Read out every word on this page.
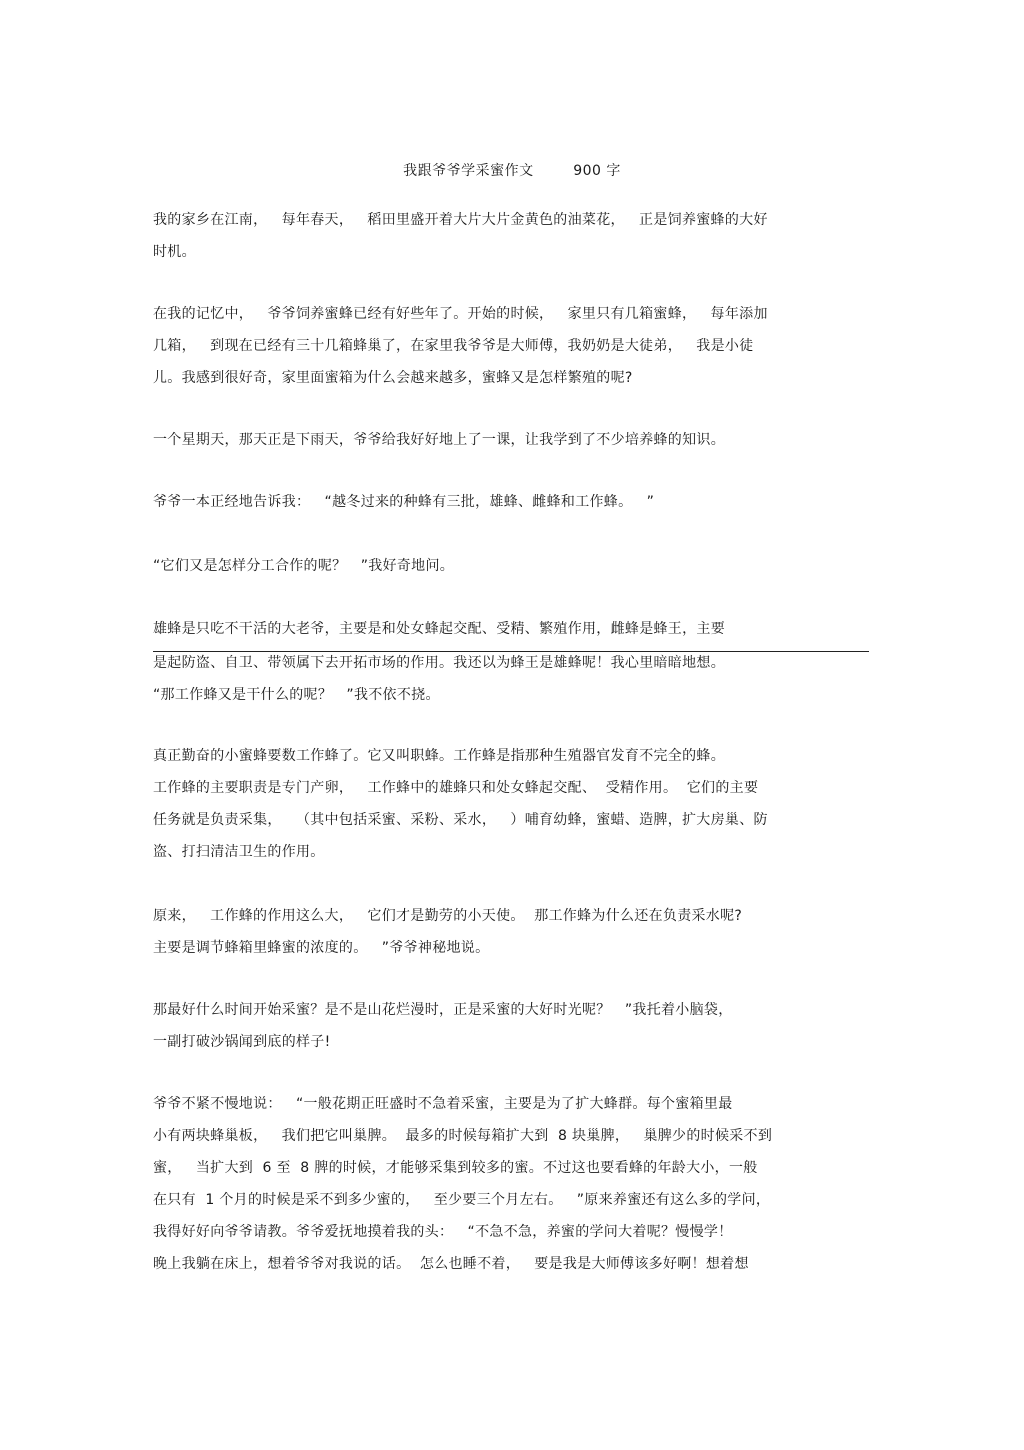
我跟爷爷学采蜜作文        900 字
我的家乡在江南，   每年春天，   稻田里盛开着大片大片金黄色的油菜花，   正是饲养蜜蜂的大好
时机。
在我的记忆中，   爷爷饲养蜜蜂已经有好些年了。开始的时候，   家里只有几箱蜜蜂，   每年添加
几箱，   到现在已经有三十几箱蜂巢了，在家里我爷爷是大师傅，我奶奶是大徒弟，   我是小徒
儿。我感到很好奇，家里面蜜箱为什么会越来越多，蜜蜂又是怎样繁殖的呢?
一个星期天，那天正是下雨天，爷爷给我好好地上了一课，让我学到了不少培养蜂的知识。
爷爷一本正经地告诉我：   “越冬过来的种蜂有三批，雄蜂、雌蜂和工作蜂。   ”
“它们又是怎样分工合作的呢？   ”我好奇地问。
雄蜂是只吃不干活的大老爷，主要是和处女蜂起交配、受精、繁殖作用，雌蜂是蜂王，主要
是起防盗、自卫、带领属下去开拓市场的作用。我还以为蜂王是雄蜂呢！我心里暗暗地想。
“那工作蜂又是干什么的呢？   ”我不依不挠。
真正勤奋的小蜜蜂要数工作蜂了。它又叫职蜂。工作蜂是指那种生殖器官发育不完全的蜂。
工作蜂的主要职责是专门产卵，   工作蜂中的雄蜂只和处女蜂起交配、  受精作用。  它们的主要
任务就是负责采集，   （其中包括采蜜、采粉、采水，   ）哺育幼蜂，蜜蜡、造脾，扩大房巢、防
盗、打扫清洁卫生的作用。
原来，   工作蜂的作用这么大，   它们才是勤劳的小天使。  那工作蜂为什么还在负责采水呢?
主要是调节蜂箱里蜂蜜的浓度的。   ”爷爷神秘地说。
那最好什么时间开始采蜜？是不是山花烂漫时，正是采蜜的大好时光呢？   ”我托着小脑袋，
一副打破沙锅闻到底的样子!
爷爷不紧不慢地说：   “一般花期正旺盛时不急着采蜜，主要是为了扩大蜂群。每个蜜箱里最
小有两块蜂巢板，   我们把它叫巢脾。  最多的时候每箱扩大到  8 块巢脾，   巢脾少的时候采不到
蜜，   当扩大到  6 至  8 脾的时候，才能够采集到较多的蜜。不过这也要看蜂的年龄大小，一般
在只有  1 个月的时候是采不到多少蜜的，   至少要三个月左右。   ”原来养蜜还有这么多的学问，
我得好好向爷爷请教。爷爷爱抚地摸着我的头：   “不急不急，养蜜的学问大着呢？慢慢学！
晚上我躺在床上，想着爷爷对我说的话。  怎么也睡不着，   要是我是大师傅该多好啊！想着想
